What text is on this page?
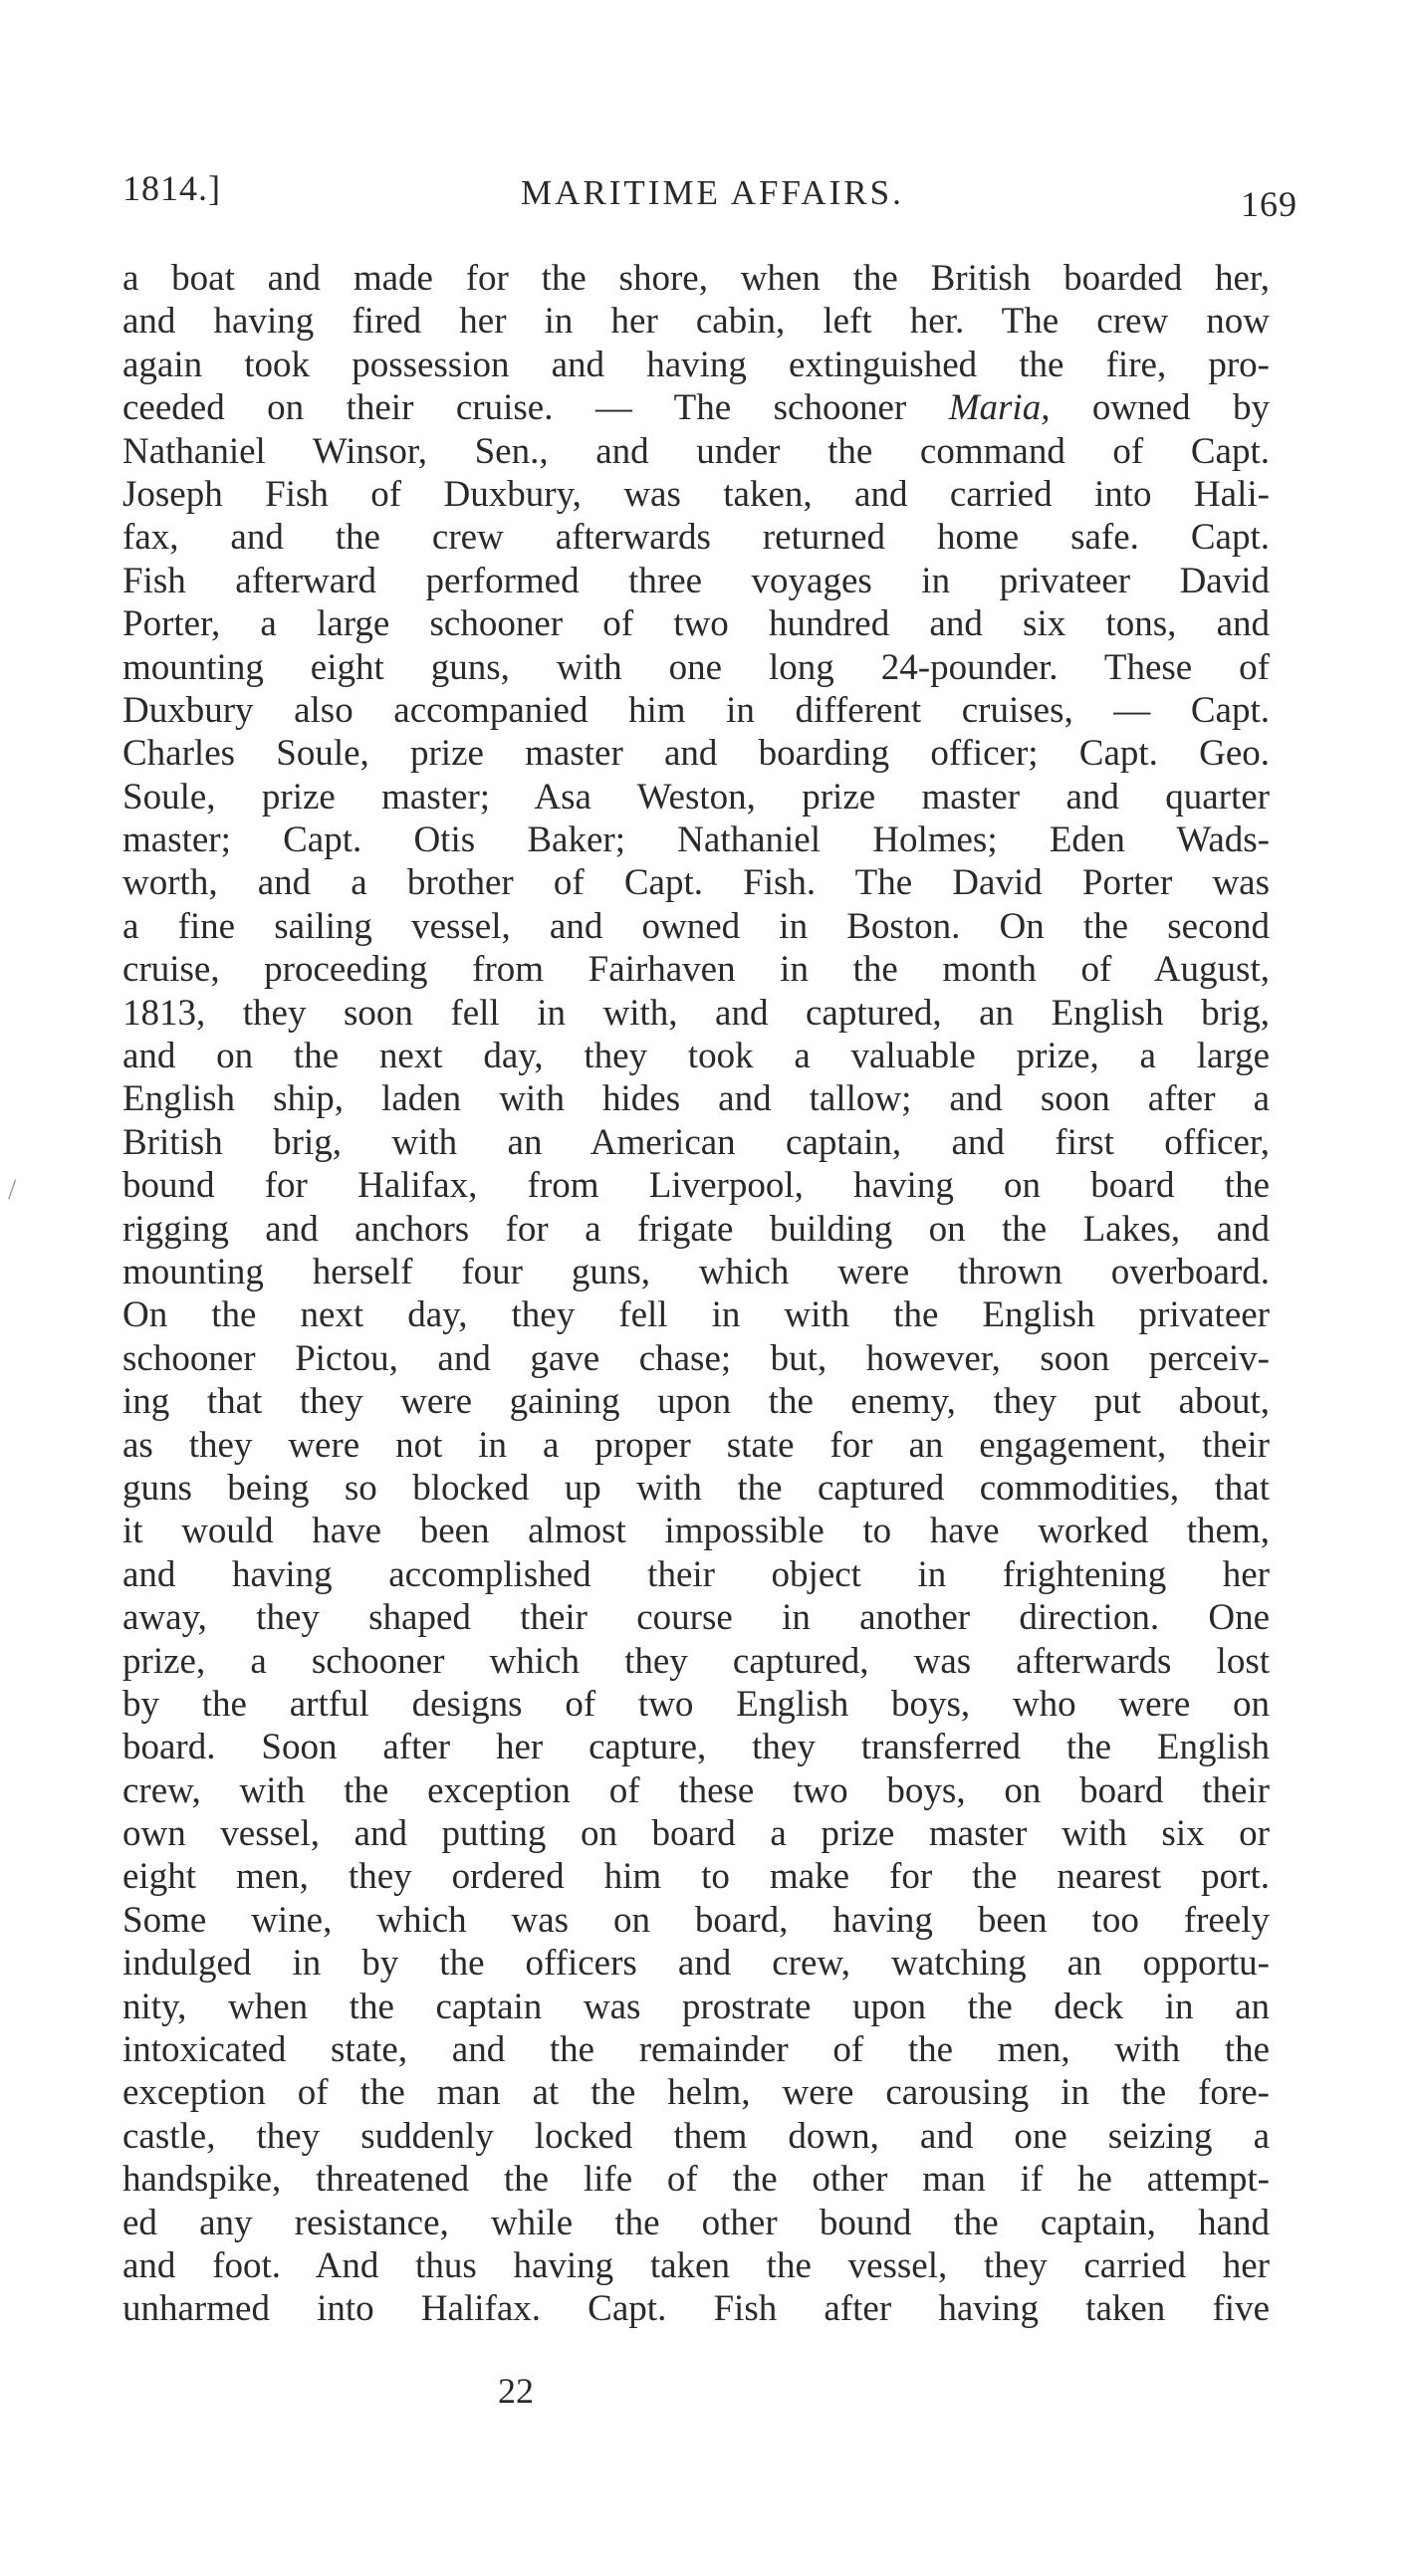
1814.]	MARITIME AFFAIRS.	169
/
a boat and made for the shore, when the British boarded her,
and having fired her in her cabin, left her. The crew now
again took possession and having extinguished the fire, pro-
ceeded on their cruise. — The schooner Maria, owned by
Nathaniel Winsor, Sen., and under the command of Capt.
Joseph Fish of Duxbury, was taken, and carried into Hali-
fax, and the crew afterwards returned home safe. Capt.
Fish afterward performed three voyages in privateer David
Porter, a large schooner of two hundred and six tons, and
mounting eight guns, with one long 24-pounder. These of
Duxbury also accompanied him in different cruises, — Capt.
Charles Soule, prize master and boarding officer; Capt. Geo.
Soule, prize master; Asa Weston, prize master and quarter
master; Capt. Otis Baker; Nathaniel Holmes; Eden Wads-
worth, and a brother of Capt. Fish. The David Porter was
a fine sailing vessel, and owned in Boston. On the second
cruise, proceeding from Fairhaven in the month of August,
1813, they soon fell in with, and captured, an English brig,
and on the next day, they took a valuable prize, a large
English ship, laden with hides and tallow; and soon after a
British brig, with an American captain, and first officer,
bound for Halifax, from Liverpool, having on board the
rigging and anchors for a frigate building on the Lakes, and
mounting herself four guns, which were thrown overboard.
On the next day, they fell in with the English privateer
schooner Pictou, and gave chase; but, however, soon perceiv-
ing that they were gaining upon the enemy, they put about,
as they were not in a proper state for an engagement, their
guns being so blocked up with the captured commodities, that
it would have been almost impossible to have worked them,
and having accomplished their object in frightening her
away, they shaped their course in another direction. One
prize, a schooner which they captured, was afterwards lost
by the artful designs of two English boys, who were on
board. Soon after her capture, they transferred the English
crew, with the exception of these two boys, on board their
own vessel, and putting on board a prize master with six or
eight men, they ordered him to make for the nearest port.
Some wine, which was on board, having been too freely
indulged in by the officers and crew, watching an opportu-
nity, when the captain was prostrate upon the deck in an
intoxicated state, and the remainder of the men, with the
exception of the man at the helm, were carousing in the fore-
castle, they suddenly locked them down, and one seizing a
handspike, threatened the life of the other man if he attempt-
ed any resistance, while the other bound the captain, hand
and foot. And thus having taken the vessel, they carried her
unharmed into Halifax. Capt. Fish after having taken five
22
